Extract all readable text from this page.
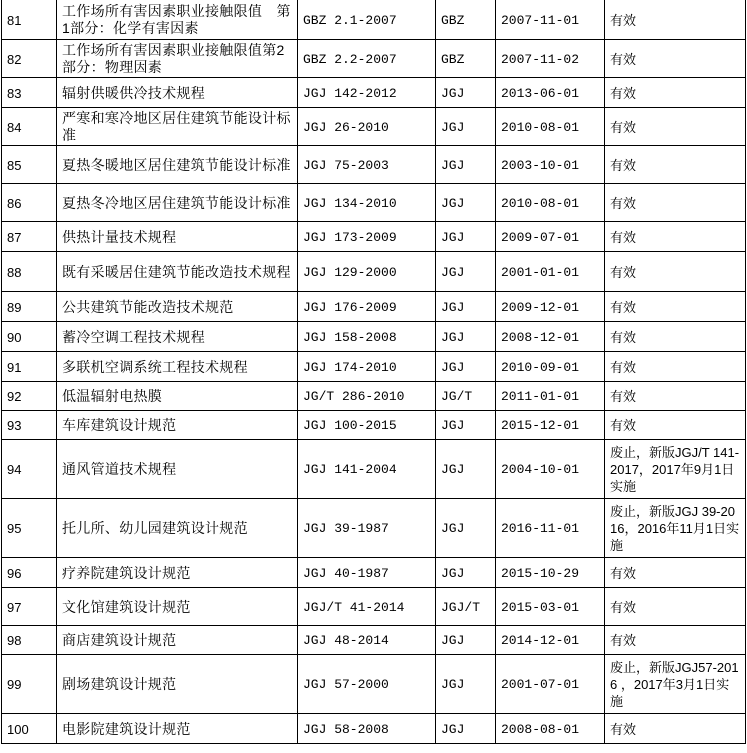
81	工作场所有害因素职业接触限值　第1部分：化学有害因素	GBZ 2.1-2007	GBZ	2007-11-01	有效
82	工作场所有害因素职业接触限值第2部分：物理因素	GBZ 2.2-2007	GBZ	2007-11-02	有效
83	辐射供暖供冷技术规程	JGJ 142-2012	JGJ	2013-06-01	有效
84	严寒和寒冷地区居住建筑节能设计标准	JGJ 26-2010	JGJ	2010-08-01	有效
85	夏热冬暖地区居住建筑节能设计标准	JGJ 75-2003	JGJ	2003-10-01	有效
86	夏热冬冷地区居住建筑节能设计标准	JGJ 134-2010	JGJ	2010-08-01	有效
87	供热计量技术规程	JGJ 173-2009	JGJ	2009-07-01	有效
88	既有采暖居住建筑节能改造技术规程	JGJ 129-2000	JGJ	2001-01-01	有效
89	公共建筑节能改造技术规范	JGJ 176-2009	JGJ	2009-12-01	有效
90	蓄冷空调工程技术规程	JGJ 158-2008	JGJ	2008-12-01	有效
91	多联机空调系统工程技术规程	JGJ 174-2010	JGJ	2010-09-01	有效
92	低温辐射电热膜	JG/T 286-2010	JG/T	2011-01-01	有效
93	车库建筑设计规范	JGJ 100-2015	JGJ	2015-12-01	有效
94	通风管道技术规程	JGJ 141-2004	JGJ	2004-10-01	废止，新版JGJ/T 141-2017，2017年9月1日实施
95	托儿所、幼儿园建筑设计规范	JGJ 39-1987	JGJ	2016-11-01	废止，新版JGJ 39-2016，2016年11月1日实施
96	疗养院建筑设计规范	JGJ 40-1987	JGJ	2015-10-29	有效
97	文化馆建筑设计规范	JGJ/T 41-2014	JGJ/T	2015-03-01	有效
98	商店建筑设计规范	JGJ 48-2014	JGJ	2014-12-01	有效
99	剧场建筑设计规范	JGJ 57-2000	JGJ	2001-07-01	废止，新版JGJ57-2016 ，2017年3月1日实施
100	电影院建筑设计规范	JGJ 58-2008	JGJ	2008-08-01	有效
